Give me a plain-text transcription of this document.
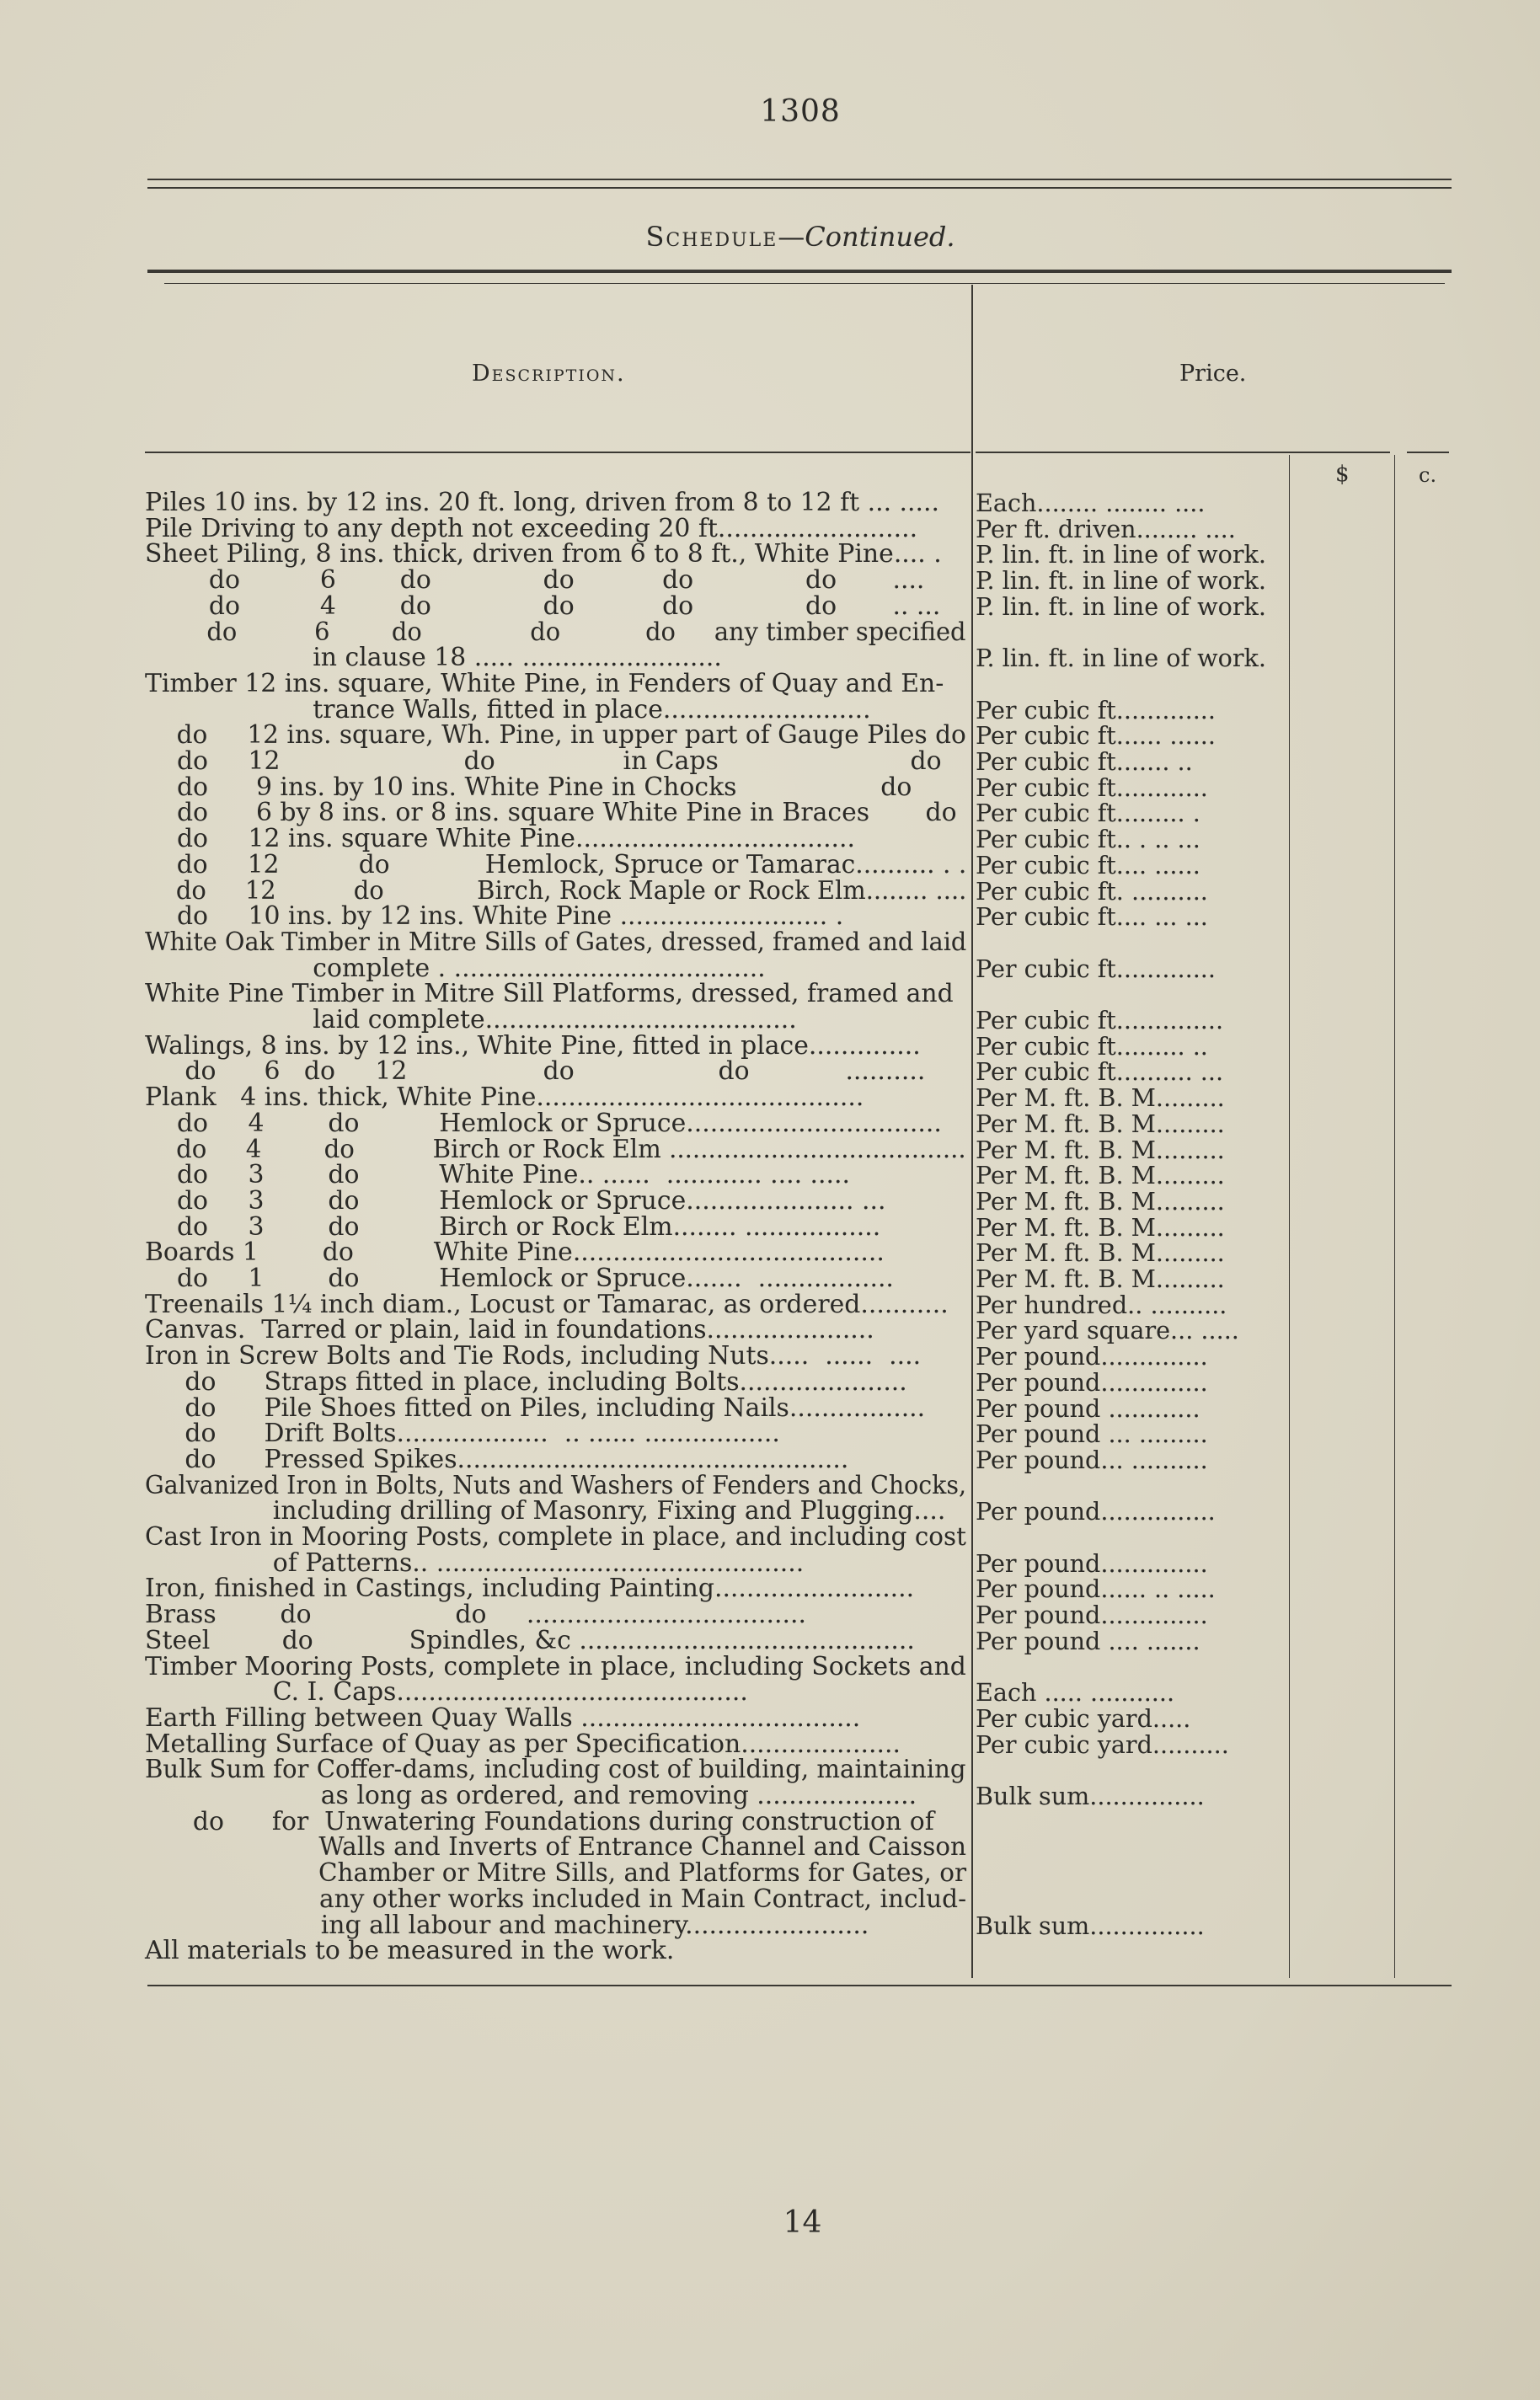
1308
Schedule—Continued.
Description.	Price.
$	c.
Piles 10 ins. by 12 ins. 20 ft. long, driven from 8 to 12 ft ... .....	Each........ ........ ....
Pile Driving to any depth not exceeding 20 ft.........................	Per ft. driven........ ....
Sheet Piling, 8 ins. thick, driven from 6 to 8 ft., White Pine.... .	P. lin. ft. in line of work.
do          6        do              do           do              do       ....	P. lin. ft. in line of work.
do          4        do              do           do              do       .. ...	P. lin. ft. in line of work.
do          6        do              do           do     any timber specified
in clause 18 ..... .........................	P. lin. ft. in line of work.
Timber 12 ins. square, White Pine, in Fenders of Quay and En-
trance Walls, fitted in place..........................	Per cubic ft.............
do     12 ins. square, Wh. Pine, in upper part of Gauge Piles do Per cubic ft...... ......
do     12                       do                in Caps                        do	Per cubic ft....... ..
do      9 ins. by 10 ins. White Pine in Chocks                  do	Per cubic ft............
do      6 by 8 ins. or 8 ins. square White Pine in Braces       do Per cubic ft......... .
do     12 ins. square White Pine...................................	Per cubic ft.. . .. ...
do     12          do            Hemlock, Spruce or Tamarac.......... . . Per cubic ft.... ......
do     12          do            Birch, Rock Maple or Rock Elm........ .... Per cubic ft. ..........
do     10 ins. by 12 ins. White Pine .......................... .	Per cubic ft.... ... ...
White Oak Timber in Mitre Sills of Gates, dressed, framed and laid
complete . .......................................	Per cubic ft.............
White Pine Timber in Mitre Sill Platforms, dressed, framed and
laid complete.......................................	Per cubic ft..............
Walings, 8 ins. by 12 ins., White Pine, fitted in place..............	Per cubic ft......... ..
do      6   do     12                 do                  do            ..........	Per cubic ft.......... ...
Plank   4 ins. thick, White Pine.........................................	Per M. ft. B. M.........
do     4        do          Hemlock or Spruce................................	Per M. ft. B. M.........
do     4        do          Birch or Rock Elm ...................................... Per M. ft. B. M.........
do     3        do          White Pine.. ......  ............ .... .....	Per M. ft. B. M.........
do     3        do          Hemlock or Spruce..................... ...	Per M. ft. B. M.........
do     3        do          Birch or Rock Elm........ .................	Per M. ft. B. M.........
Boards 1        do          White Pine.......................................	Per M. ft. B. M.........
do     1        do          Hemlock or Spruce.......  .................	Per M. ft. B. M.........
Treenails 1¼ inch diam., Locust or Tamarac, as ordered...........	Per hundred.. ..........
Canvas.  Tarred or plain, laid in foundations.....................	Per yard square... .....
Iron in Screw Bolts and Tie Rods, including Nuts.....  ......  ....	Per pound..............
do      Straps fitted in place, including Bolts.....................	Per pound..............
do      Pile Shoes fitted on Piles, including Nails.................	Per pound ............
do      Drift Bolts...................  .. ...... .................	Per pound ... .........
do      Pressed Spikes.................................................	Per pound... ..........
Galvanized Iron in Bolts, Nuts and Washers of Fenders and Chocks,
including drilling of Masonry, Fixing and Plugging....	Per pound...............
Cast Iron in Mooring Posts, complete in place, and including cost
of Patterns.. ..............................................	Per pound..............
Iron, finished in Castings, including Painting.........................	Per pound...... .. .....
Brass        do                  do     ...................................	Per pound..............
Steel         do            Spindles, &c ..........................................	Per pound .... .......
Timber Mooring Posts, complete in place, including Sockets and
C. I. Caps............................................	Each ..... ...........
Earth Filling between Quay Walls ...................................	Per cubic yard.....
Metalling Surface of Quay as per Specification....................	Per cubic yard..........
Bulk Sum for Coffer-dams, including cost of building, maintaining
as long as ordered, and removing ....................	Bulk sum...............
do      for  Unwatering Foundations during construction of
Walls and Inverts of Entrance Channel and Caisson
Chamber or Mitre Sills, and Platforms for Gates, or
any other works included in Main Contract, includ-
ing all labour and machinery.......................	Bulk sum...............
All materials to be measured in the work.
14
